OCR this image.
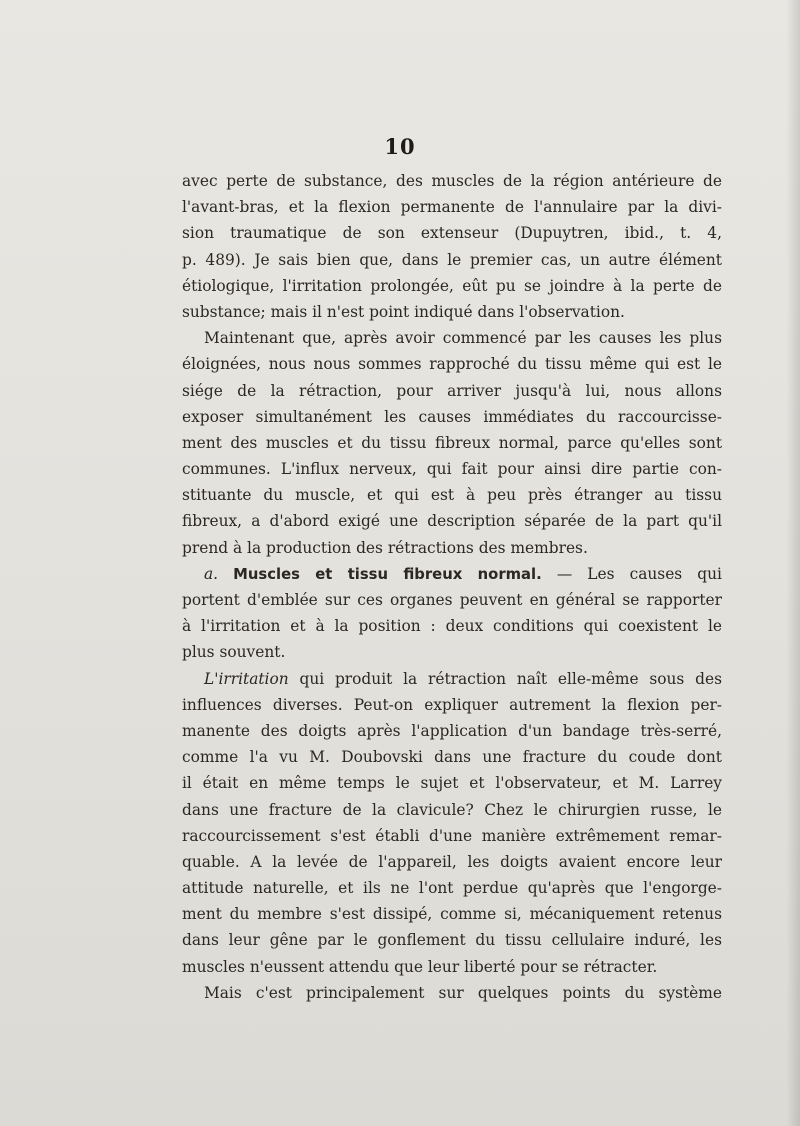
10
avec perte de substance, des muscles de la région antérieure de
l'avant-bras, et la flexion permanente de l'annulaire par la divi-
sion traumatique de son extenseur (Dupuytren, ibid., t. 4,
p. 489). Je sais bien que, dans le premier cas, un autre élément
étiologique, l'irritation prolongée, eût pu se joindre à la perte de
substance; mais il n'est point indiqué dans l'observation.
Maintenant que, après avoir commencé par les causes les plus
éloignées, nous nous sommes rapproché du tissu même qui est le
siége de la rétraction, pour arriver jusqu'à lui, nous allons
exposer simultanément les causes immédiates du raccourcisse-
ment des muscles et du tissu fibreux normal, parce qu'elles sont
communes. L'influx nerveux, qui fait pour ainsi dire partie con-
stituante du muscle, et qui est à peu près étranger au tissu
fibreux, a d'abord exigé une description séparée de la part qu'il
prend à la production des rétractions des membres.
a. Muscles et tissu fibreux normal. — Les causes qui
portent d'emblée sur ces organes peuvent en général se rapporter
à l'irritation et à la position : deux conditions qui coexistent le
plus souvent.
L'irritation qui produit la rétraction naît elle-même sous des
influences diverses. Peut-on expliquer autrement la flexion per-
manente des doigts après l'application d'un bandage très-serré,
comme l'a vu M. Doubovski dans une fracture du coude dont
il était en même temps le sujet et l'observateur, et M. Larrey
dans une fracture de la clavicule? Chez le chirurgien russe, le
raccourcissement s'est établi d'une manière extrêmement remar-
quable. A la levée de l'appareil, les doigts avaient encore leur
attitude naturelle, et ils ne l'ont perdue qu'après que l'engorge-
ment du membre s'est dissipé, comme si, mécaniquement retenus
dans leur gêne par le gonflement du tissu cellulaire induré, les
muscles n'eussent attendu que leur liberté pour se rétracter.
Mais c'est principalement sur quelques points du système
